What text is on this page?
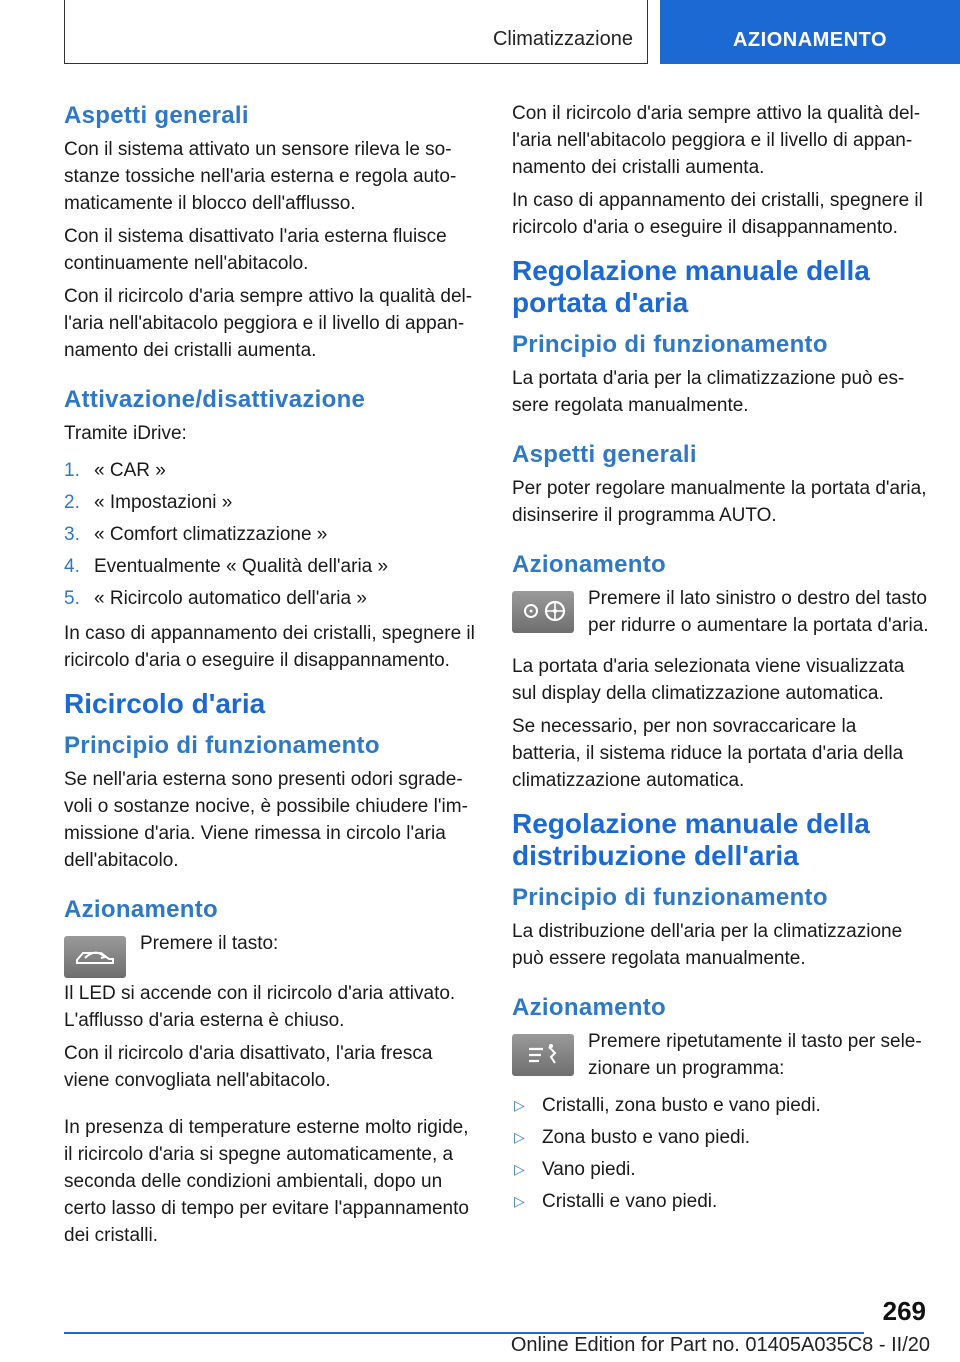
Climatizzazione	AZIONAMENTO
Aspetti generali

Con il sistema attivato un sensore rileva le sostanze tossiche nell'aria esterna e regola automaticamente il blocco dell'afflusso.

Con il sistema disattivato l'aria esterna fluisce continuamente nell'abitacolo.

Con il ricircolo d'aria sempre attivo la qualità dell'aria nell'abitacolo peggiora e il livello di appannamento dei cristalli aumenta.

Attivazione/disattivazione

Tramite iDrive:

1. « CAR »
2. « Impostazioni »
3. « Comfort climatizzazione »
4. Eventualmente « Qualità dell'aria »
5. « Ricircolo automatico dell'aria »

In caso di appannamento dei cristalli, spegnere il ricircolo d'aria o eseguire il disappannamento.

Ricircolo d'aria
Principio di funzionamento

Se nell'aria esterna sono presenti odori sgradevoli o sostanze nocive, è possibile chiudere l'immissione d'aria. Viene rimessa in circolo l'aria dell'abitacolo.

Azionamento
Premere il tasto:

Il LED si accende con il ricircolo d'aria attivato. L'afflusso d'aria esterna è chiuso.

Con il ricircolo d'aria disattivato, l'aria fresca viene convogliata nell'abitacolo.

In presenza di temperature esterne molto rigide, il ricircolo d'aria si spegne automaticamente, a seconda delle condizioni ambientali, dopo un certo lasso di tempo per evitare l'appannamento dei cristalli.

Con il ricircolo d'aria sempre attivo la qualità dell'aria nell'abitacolo peggiora e il livello di appannamento dei cristalli aumenta.

In caso di appannamento dei cristalli, spegnere il ricircolo d'aria o eseguire il disappannamento.

Regolazione manuale della portata d'aria
Principio di funzionamento

La portata d'aria per la climatizzazione può essere regolata manualmente.

Aspetti generali

Per poter regolare manualmente la portata d'aria, disinserire il programma AUTO.

Azionamento
Premere il lato sinistro o destro del tasto per ridurre o aumentare la portata d'aria.

La portata d'aria selezionata viene visualizzata sul display della climatizzazione automatica.

Se necessario, per non sovraccaricare la batteria, il sistema riduce la portata d'aria della climatizzazione automatica.

Regolazione manuale della distribuzione dell'aria
Principio di funzionamento

La distribuzione dell'aria per la climatizzazione può essere regolata manualmente.

Azionamento
Premere ripetutamente il tasto per selezionare un programma:
▷ Cristalli, zona busto e vano piedi.
▷ Zona busto e vano piedi.
▷ Vano piedi.
▷ Cristalli e vano piedi.
269
Online Edition for Part no. 01405A035C8 - II/20
